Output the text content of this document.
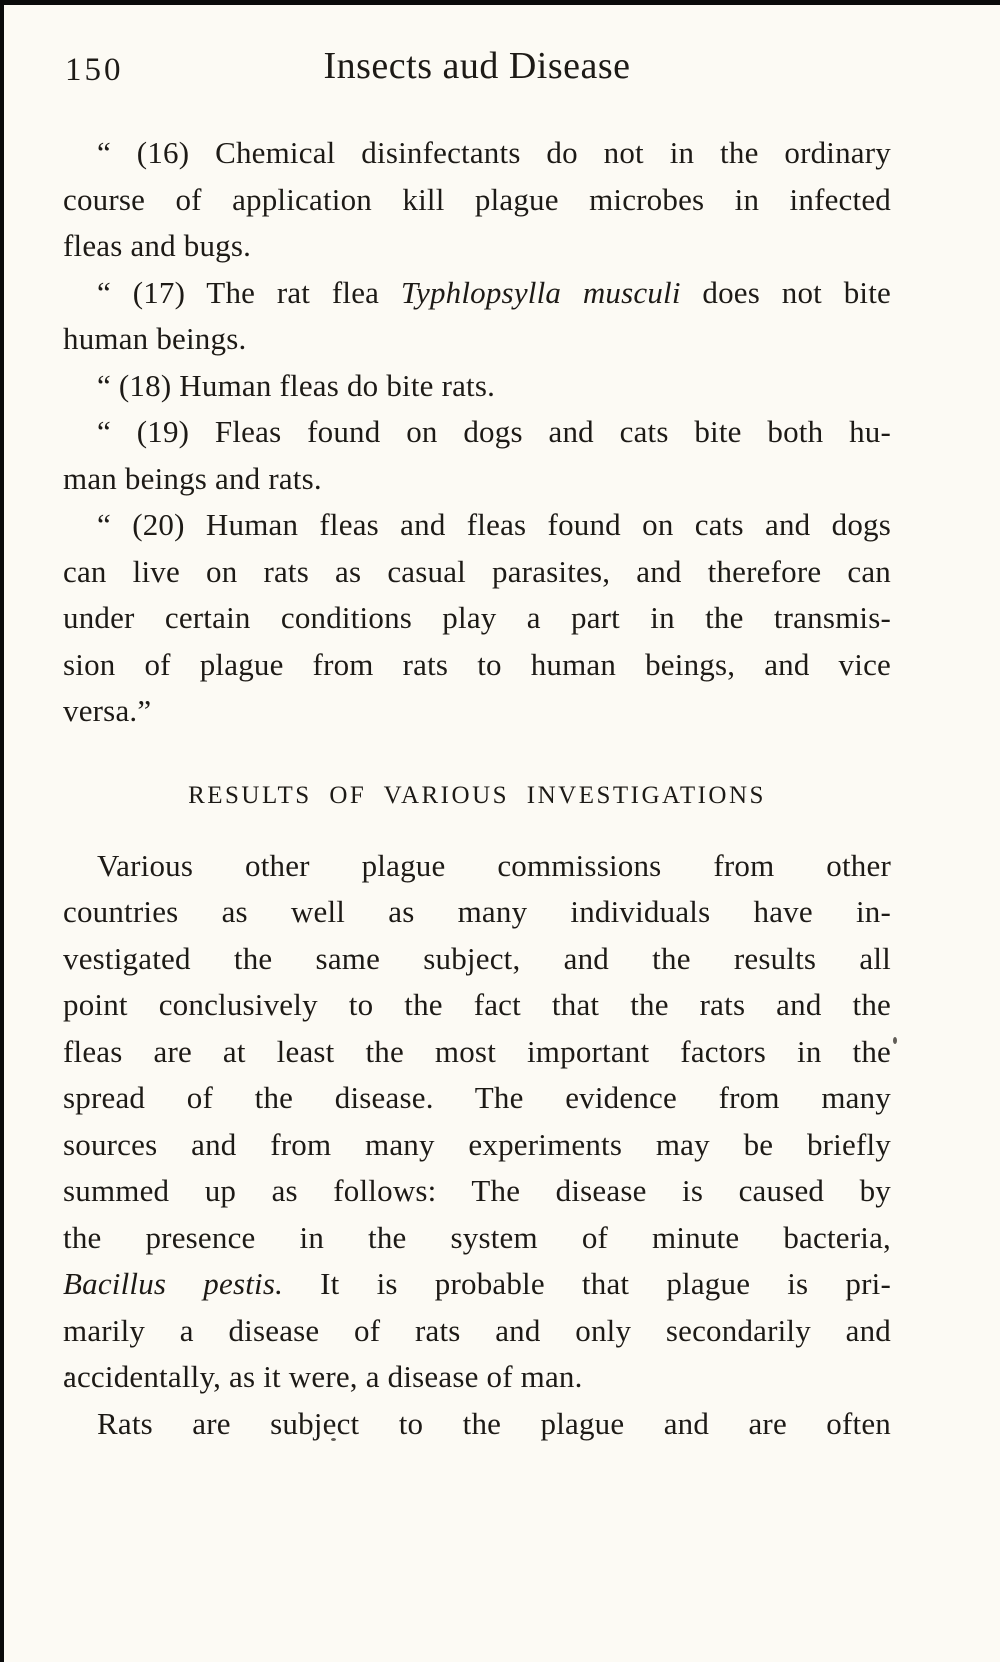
150	Insects aud Disease
“ (16) Chemical disinfectants do not in the ordinary
course of application kill plague microbes in infected
fleas and bugs.
“ (17) The rat flea Typhlopsylla musculi does not bite
human beings.
“ (18) Human fleas do bite rats.
“ (19) Fleas found on dogs and cats bite both hu-
man beings and rats.
“ (20) Human fleas and fleas found on cats and dogs
can live on rats as casual parasites, and therefore can
under certain conditions play a part in the transmis-
sion of plague from rats to human beings, and vice
versa.”
RESULTS OF VARIOUS INVESTIGATIONS
Various other plague commissions from other
countries as well as many individuals have in-
vestigated the same subject, and the results all
point conclusively to the fact that the rats and the
fleas are at least the most important factors in the
spread of the disease. The evidence from many
sources and from many experiments may be briefly
summed up as follows: The disease is caused by
the presence in the system of minute bacteria,
Bacillus pestis. It is probable that plague is pri-
marily a disease of rats and only secondarily and
accidentally, as it were, a disease of man.
Rats are subject to the plague and are often
